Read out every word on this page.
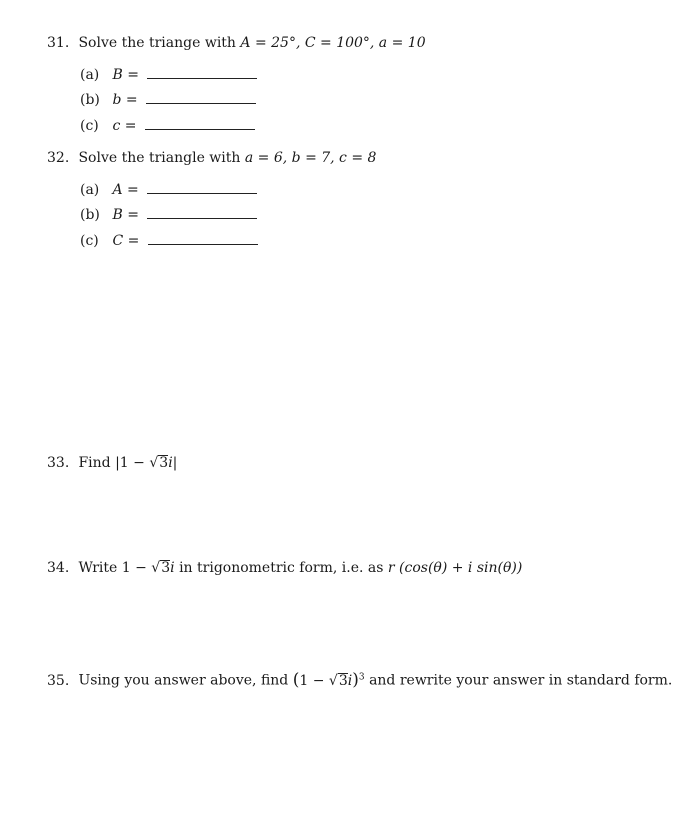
31. Solve the triange with A = 25°, C = 100°, a = 10
(a) B =
(b) b =
(c) c =
32. Solve the triangle with a = 6, b = 7, c = 8
(a) A =
(b) B =
(c) C =
33. Find |1 − √3i|
34. Write 1 − √3i in trigonometric form, i.e. as r (cos(θ) + i sin(θ))
35. Using you answer above, find $(1 - √3i)^3$ and rewrite your answer in standard form.
